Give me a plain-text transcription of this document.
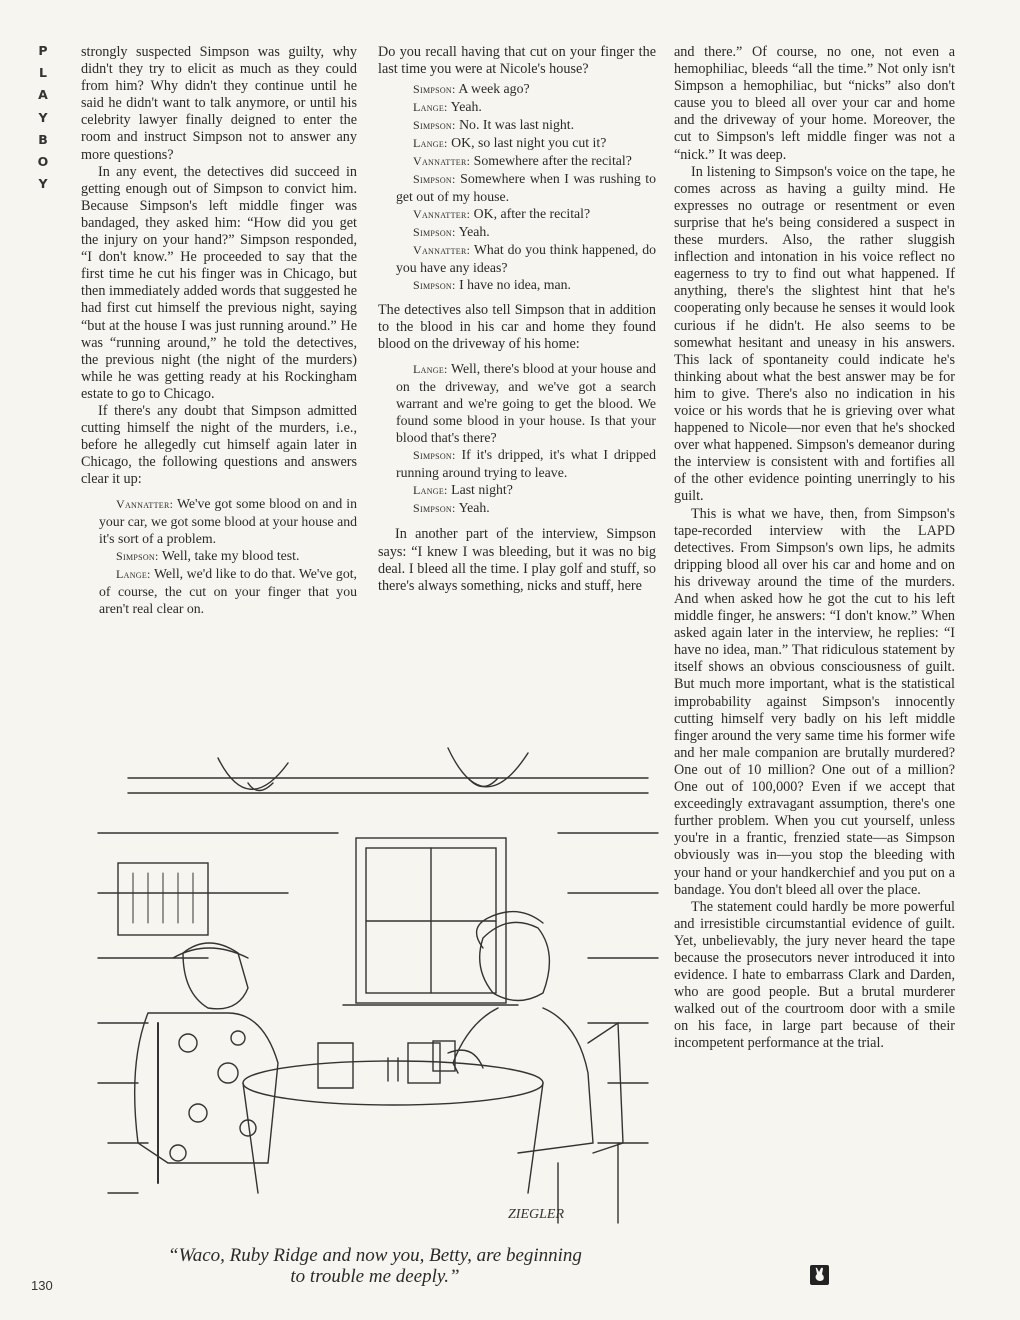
P
L
A
Y
B
O
Y

strongly suspected Simpson was guilty, why didn't they try to elicit as much as they could from him? Why didn't they continue until he said he didn't want to talk anymore, or until his celebrity lawyer finally deigned to enter the room and instruct Simpson not to answer any more questions?

In any event, the detectives did succeed in getting enough out of Simpson to convict him. Because Simpson's left middle finger was bandaged, they asked him: “How did you get the injury on your hand?” Simpson responded, “I don't know.” He proceeded to say that the first time he cut his finger was in Chicago, but then immediately added words that suggested he had first cut himself the previous night, saying “but at the house I was just running around.” He was “running around,” he told the detectives, the previous night (the night of the murders) while he was getting ready at his Rockingham estate to go to Chicago.

If there's any doubt that Simpson admitted cutting himself the night of the murders, i.e., before he allegedly cut himself again later in Chicago, the following questions and answers clear it up:

Vannatter: We've got some blood on and in your car, we got some blood at your house and it's sort of a problem.

Simpson: Well, take my blood test.

Lange: Well, we'd like to do that. We've got, of course, the cut on your finger that you aren't real clear on.

Do you recall having that cut on your finger the last time you were at Nicole's house?

Simpson: A week ago?

Lange: Yeah.

Simpson: No. It was last night.

Lange: OK, so last night you cut it?

Vannatter: Somewhere after the recital?

Simpson: Somewhere when I was rushing to get out of my house.

Vannatter: OK, after the recital?

Simpson: Yeah.

Vannatter: What do you think happened, do you have any ideas?

Simpson: I have no idea, man.

The detectives also tell Simpson that in addition to the blood in his car and home they found blood on the driveway of his home:

Lange: Well, there's blood at your house and on the driveway, and we've got a search warrant and we're going to get the blood. We found some blood in your house. Is that your blood that's there?

Simpson: If it's dripped, it's what I dripped running around trying to leave.

Lange: Last night?

Simpson: Yeah.

In another part of the interview, Simpson says: “I knew I was bleeding, but it was no big deal. I bleed all the time. I play golf and stuff, so there's always something, nicks and stuff, here

and there.” Of course, no one, not even a hemophiliac, bleeds “all the time.” Not only isn't Simpson a hemophiliac, but “nicks” also don't cause you to bleed all over your car and home and the driveway of your home. Moreover, the cut to Simpson's left middle finger was not a “nick.” It was deep.

In listening to Simpson's voice on the tape, he comes across as having a guilty mind. He expresses no outrage or resentment or even surprise that he's being considered a suspect in these murders. Also, the rather sluggish inflection and intonation in his voice reflect no eagerness to try to find out what happened. If anything, there's the slightest hint that he's cooperating only because he senses it would look curious if he didn't. He also seems to be somewhat hesitant and uneasy in his answers. This lack of spontaneity could indicate he's thinking about what the best answer may be for him to give. There's also no indication in his voice or his words that he is grieving over what happened to Nicole—nor even that he's shocked over what happened. Simpson's demeanor during the interview is consistent with and fortifies all of the other evidence pointing unerringly to his guilt.

This is what we have, then, from Simpson's tape-recorded interview with the LAPD detectives. From Simpson's own lips, he admits dripping blood all over his car and home and on his driveway around the time of the murders. And when asked how he got the cut to his left middle finger, he answers: “I don't know.” When asked again later in the interview, he replies: “I have no idea, man.” That ridiculous statement by itself shows an obvious consciousness of guilt. But much more important, what is the statistical improbability against Simpson's innocently cutting himself very badly on his left middle finger around the very same time his former wife and her male companion are brutally murdered? One out of 10 million? One out of a million? One out of 100,000? Even if we accept that exceedingly extravagant assumption, there's one further problem. When you cut yourself, unless you're in a frantic, frenzied state—as Simpson obviously was in—you stop the bleeding with your hand or your handkerchief and you put on a bandage. You don't bleed all over the place.

The statement could hardly be more powerful and irresistible circumstantial evidence of guilt. Yet, unbelievably, the jury never heard the tape because the prosecutors never introduced it into evidence. I hate to embarrass Clark and Darden, who are good people. But a brutal murderer walked out of the courtroom door with a smile on his face, in large part because of their incompetent performance at the trial.

ZIEGLER
“Waco, Ruby Ridge and now you, Betty, are beginning
to trouble me deeply.”
130
